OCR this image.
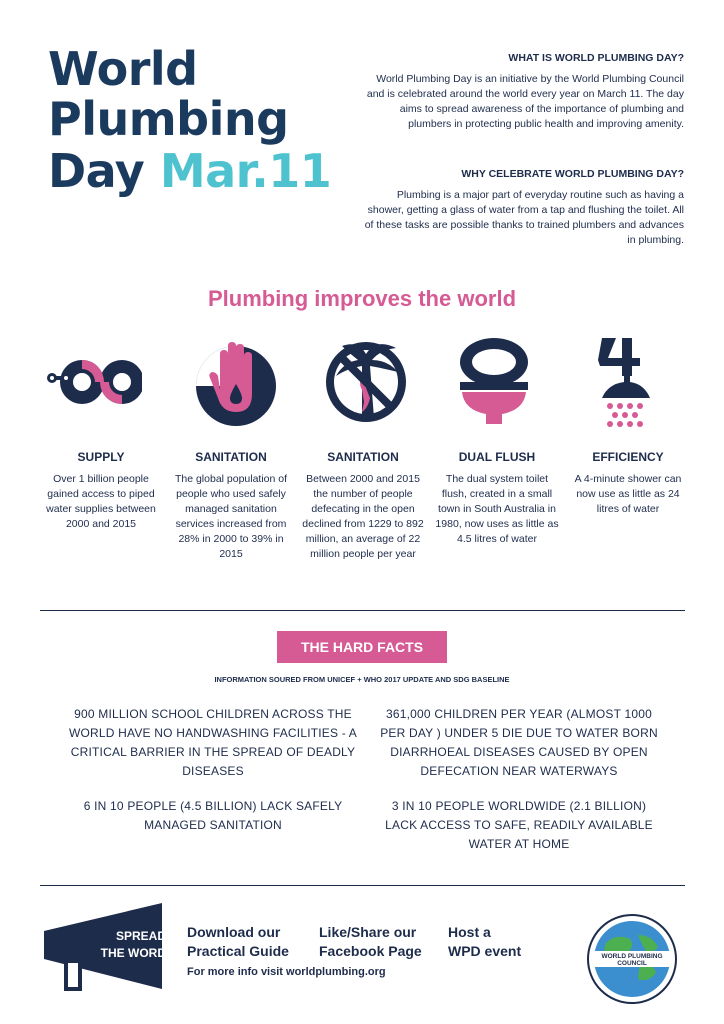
World
Plumbing
Day Mar.11
WHAT IS WORLD PLUMBING DAY?
World Plumbing Day is an initiative by the World Plumbing Council and is celebrated around the world every year on March 11. The day aims to spread awareness of the importance of plumbing and plumbers in protecting public health and improving amenity.
WHY CELEBRATE WORLD PLUMBING DAY?
Plumbing is a major part of everyday routine such as having a shower, getting a glass of water from a tap and flushing the toilet. All of these tasks are possible thanks to trained plumbers and advances in plumbing.
Plumbing improves the world
SUPPLY
Over 1 billion people gained access to piped water supplies between 2000 and 2015
SANITATION
The global population of people who used safely managed sanitation services increased from 28% in 2000 to 39% in 2015
SANITATION
Between 2000 and 2015 the number of people defecating in the open declined from 1229 to 892 million, an average of 22 million people per year
DUAL FLUSH
The dual system toilet flush, created in a small town in South Australia in 1980, now uses as little as 4.5 litres of water
EFFICIENCY
A 4-minute shower can now use as little as 24 litres of water
THE HARD FACTS
INFORMATION SOURED FROM UNICEF + WHO 2017 UPDATE AND SDG BASELINE
900 MILLION SCHOOL CHILDREN ACROSS THE WORLD HAVE NO HANDWASHING FACILITIES - A CRITICAL BARRIER IN THE SPREAD OF DEADLY DISEASES
361,000 CHILDREN PER YEAR (ALMOST 1000 PER DAY ) UNDER 5 DIE DUE TO WATER BORN DIARRHOEAL DISEASES CAUSED BY OPEN DEFECATION NEAR WATERWAYS
6 IN 10 PEOPLE (4.5 BILLION) LACK SAFELY MANAGED SANITATION
3 IN 10 PEOPLE WORLDWIDE (2.1 BILLION) LACK ACCESS TO SAFE, READILY AVAILABLE WATER AT HOME
SPREAD
THE WORD
Download our
Practical Guide
Like/Share our
Facebook Page
Host a
WPD event
For more info visit worldplumbing.org
WORLD PLUMBING COUNCIL
